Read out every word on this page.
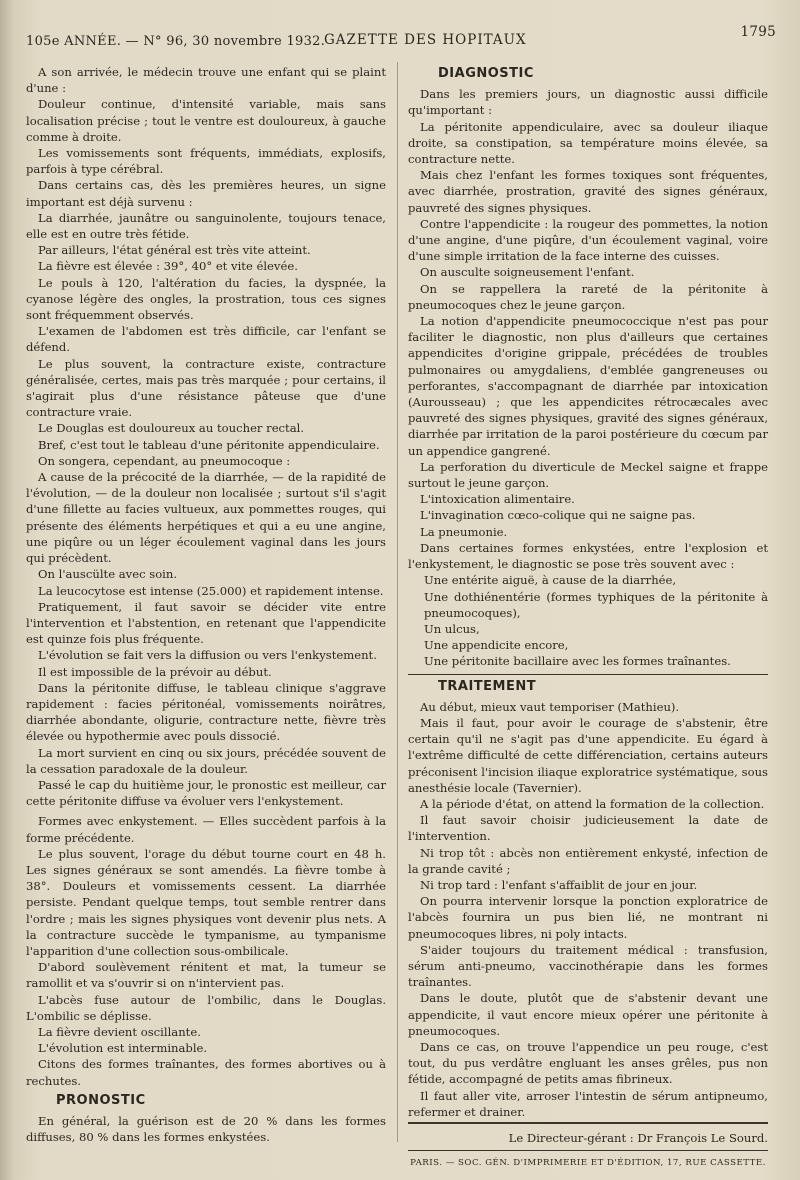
105e ANNÉE. — N° 96, 30 novembre 1932.
GAZETTE DES HOPITAUX	1795

A son arrivée, le médecin trouve une enfant qui se plaint d'une :

Douleur continue, d'intensité variable, mais sans localisation précise ; tout le ventre est douloureux, à gauche comme à droite.

Les vomissements sont fréquents, immédiats, explosifs, parfois à type cérébral.

Dans certains cas, dès les premières heures, un signe important est déjà survenu :

La diarrhée, jaunâtre ou sanguinolente, toujours tenace, elle est en outre très fétide.

Par ailleurs, l'état général est très vite atteint.

La fièvre est élevée : 39°, 40° et vite élevée.

Le pouls à 120, l'altération du facies, la dyspnée, la cyanose légère des ongles, la prostration, tous ces signes sont fréquemment observés.

L'examen de l'abdomen est très difficile, car l'enfant se défend.

Le plus souvent, la contracture existe, contracture généralisée, certes, mais pas très marquée ; pour certains, il s'agirait plus d'une résistance pâteuse que d'une contracture vraie.

Le Douglas est douloureux au toucher rectal.

Bref, c'est tout le tableau d'une péritonite appendiculaire.

On songera, cependant, au pneumocoque :

A cause de la précocité de la diarrhée, — de la rapidité de l'évolution, — de la douleur non localisée ; surtout s'il s'agit d'une fillette au facies vultueux, aux pommettes rouges, qui présente des éléments herpétiques et qui a eu une angine, une piqûre ou un léger écoulement vaginal dans les jours qui précèdent.

On l'auscülte avec soin.

La leucocytose est intense (25.000) et rapidement intense.

Pratiquement, il faut savoir se décider vite entre l'intervention et l'abstention, en retenant que l'appendicite est quinze fois plus fréquente.

L'évolution se fait vers la diffusion ou vers l'enkystement.

Il est impossible de la prévoir au début.

Dans la péritonite diffuse, le tableau clinique s'aggrave rapidement : facies péritonéal, vomissements noirâtres, diarrhée abondante, oligurie, contracture nette, fièvre très élevée ou hypothermie avec pouls dissocié.

La mort survient en cinq ou six jours, précédée souvent de la cessation paradoxale de la douleur.

Passé le cap du huitième jour, le pronostic est meilleur, car cette péritonite diffuse va évoluer vers l'enkystement.

Formes avec enkystement. — Elles succèdent parfois à la forme précédente.

Le plus souvent, l'orage du début tourne court en 48 h. Les signes généraux se sont amendés. La fièvre tombe à 38°. Douleurs et vomissements cessent. La diarrhée persiste. Pendant quelque temps, tout semble rentrer dans l'ordre ; mais les signes physiques vont devenir plus nets. A la contracture succède le tympanisme, au tympanisme l'apparition d'une collection sous-ombilicale.

D'abord soulèvement rénitent et mat, la tumeur se ramollit et va s'ouvrir si on n'intervient pas.

L'abcès fuse autour de l'ombilic, dans le Douglas. L'ombilic se déplisse.

La fièvre devient oscillante.

L'évolution est interminable.

Citons des formes traînantes, des formes abortives ou à rechutes.

PRONOSTIC

En général, la guérison est de 20 % dans les formes diffuses, 80 % dans les formes enkystées.

DIAGNOSTIC

Dans les premiers jours, un diagnostic aussi difficile qu'important :

La péritonite appendiculaire, avec sa douleur iliaque droite, sa constipation, sa température moins élevée, sa contracture nette.

Mais chez l'enfant les formes toxiques sont fréquentes, avec diarrhée, prostration, gravité des signes généraux, pauvreté des signes physiques.

Contre l'appendicite : la rougeur des pommettes, la notion d'une angine, d'une piqûre, d'un écoulement vaginal, voire d'une simple irritation de la face interne des cuisses.

On ausculte soigneusement l'enfant.

On se rappellera la rareté de la péritonite à pneumocoques chez le jeune garçon.

La notion d'appendicite pneumococcique n'est pas pour faciliter le diagnostic, non plus d'ailleurs que certaines appendicites d'origine grippale, précédées de troubles pulmonaires ou amygdaliens, d'emblée gangreneuses ou perforantes, s'accompagnant de diarrhée par intoxication (Aurousseau) ; que les appendicites rétrocæcales avec pauvreté des signes physiques, gravité des signes généraux, diarrhée par irritation de la paroi postérieure du cœcum par un appendice gangrené.

La perforation du diverticule de Meckel saigne et frappe surtout le jeune garçon.

L'intoxication alimentaire.

L'invagination cœco-colique qui ne saigne pas.

La pneumonie.

Dans certaines formes enkystées, entre l'explosion et l'enkystement, le diagnostic se pose très souvent avec :

Une entérite aiguë, à cause de la diarrhée,

Une dothiénentérie (formes typhiques de la péritonite à pneumocoques),

Un ulcus,

Une appendicite encore,

Une péritonite bacillaire avec les formes traînantes.

TRAITEMENT

Au début, mieux vaut temporiser (Mathieu).

Mais il faut, pour avoir le courage de s'abstenir, être certain qu'il ne s'agit pas d'une appendicite. Eu égard à l'extrême difficulté de cette différenciation, certains auteurs préconisent l'incision iliaque exploratrice systématique, sous anesthésie locale (Tavernier).

A la période d'état, on attend la formation de la collection.

Il faut savoir choisir judicieusement la date de l'intervention.

Ni trop tôt : abcès non entièrement enkysté, infection de la grande cavité ;

Ni trop tard : l'enfant s'affaiblit de jour en jour.

On pourra intervenir lorsque la ponction exploratrice de l'abcès fournira un pus bien lié, ne montrant ni pneumocoques libres, ni poly intacts.

S'aider toujours du traitement médical : transfusion, sérum anti-pneumo, vaccinothérapie dans les formes traînantes.

Dans le doute, plutôt que de s'abstenir devant une appendicite, il vaut encore mieux opérer une péritonite à pneumocoques.

Dans ce cas, on trouve l'appendice un peu rouge, c'est tout, du pus verdâtre engluant les anses grêles, pus non fétide, accompagné de petits amas fibrineux.

Il faut aller vite, arroser l'intestin de sérum antipneumo, refermer et drainer.

Le Directeur-gérant : Dr François Le Sourd.

PARIS. — SOC. GÉN. D'IMPRIMERIE ET D'ÉDITION, 17, RUE CASSETTE.
